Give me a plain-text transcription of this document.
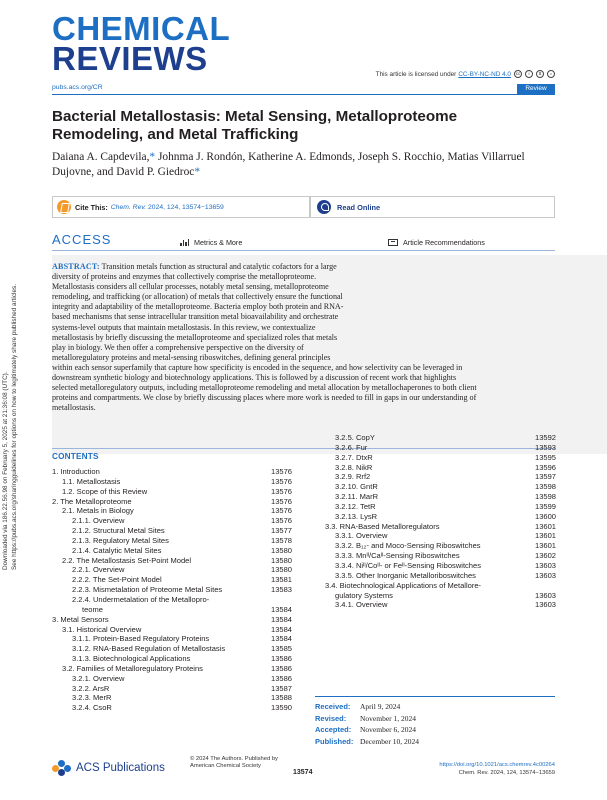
Downloaded via 186.22.56.98 on February 5, 2025 at 21:36:08 (UTC). See https://pubs.acs.org/sharingguidelines for options on how to legitimately share published articles.
CHEMICAL
REVIEWS	This article is licensed under CC-BY-NC-ND 4.0	cc	i	$	=
pubs.acs.org/CR	Review
Bacterial Metallostasis: Metal Sensing, Metalloproteome Remodeling, and Metal Trafficking
Daiana A. Capdevila,* Johnma J. Rondón, Katherine A. Edmonds, Joseph S. Rocchio, Matias Villarruel Dujovne, and David P. Giedroc*
Cite This: Chem. Rev. 2024, 124, 13574−13659	Read Online
ACCESS	Metrics & More	Article Recommendations
ABSTRACT: Transition metals function as structural and catalytic cofactors for a large
diversity of proteins and enzymes that collectively comprise the metalloproteome.
Metallostasis considers all cellular processes, notably metal sensing, metalloproteome
remodeling, and trafficking (or allocation) of metals that collectively ensure the functional
integrity and adaptability of the metalloproteome. Bacteria employ both protein and RNA-
based mechanisms that sense intracellular transition metal bioavailability and orchestrate
systems-level outputs that maintain metallostasis. In this review, we contextualize
metallostasis by briefly discussing the metalloproteome and specialized roles that metals
play in biology. We then offer a comprehensive perspective on the diversity of
metalloregulatory proteins and metal-sensing riboswitches, defining general principles
within each sensor superfamily that capture how specificity is encoded in the sequence, and how selectivity can be leveraged in
downstream synthetic biology and biotechnology applications. This is followed by a discussion of recent work that highlights
selected metalloregulatory outputs, including metalloproteome remodeling and metal allocation by metallochaperones to both client
proteins and compartments. We close by briefly discussing places where more work is needed to fill in gaps in our understanding of
metallostasis.
CONTENTS
1. Introduction	13576
1.1. Metallostasis	13576
1.2. Scope of this Review	13576
2. The Metalloproteome	13576
2.1. Metals in Biology	13576
2.1.1. Overview	13576
2.1.2. Structural Metal Sites	13577
2.1.3. Regulatory Metal Sites	13578
2.1.4. Catalytic Metal Sites	13580
2.2. The Metallostasis Set-Point Model	13580
2.2.1. Overview	13580
2.2.2. The Set-Point Model	13581
2.2.3. Mismetalation of Proteome Metal Sites	13583
2.2.4. Undermetalation of the Metallopro-
teome	13584
3. Metal Sensors	13584
3.1. Historical Overview	13584
3.1.1. Protein-Based Regulatory Proteins	13584
3.1.2. RNA-Based Regulation of Metallostasis	13585
3.1.3. Biotechnological Applications	13586
3.2. Families of Metalloregulatory Proteins	13586
3.2.1. Overview	13586
3.2.2. ArsR	13587
3.2.3. MerR	13588
3.2.4. CsoR	13590
3.2.5. CopY	13592
3.2.6. Fur	13593
3.2.7. DtxR	13595
3.2.8. NikR	13596
3.2.9. Rrf2	13597
3.2.10. GntR	13598
3.2.11. MarR	13598
3.2.12. TetR	13599
3.2.13. LysR	13600
3.3. RNA-Based Metalloregulators	13601
3.3.1. Overview	13601
3.3.2. B₁₂- and Moco-Sensing Riboswitches	13601
3.3.3. Mnᴵᴵ/Caᴵᴵ-Sensing Riboswitches	13602
3.3.4. Niᴵᴵ/Coᴵᴵ- or Feᴵᴵ-Sensing Riboswitches	13603
3.3.5. Other Inorganic Metalloriboswitches	13603
3.4. Biotechnological Applications of Metallore-
gulatory Systems	13603
3.4.1. Overview	13603
Received: April 9, 2024
Revised: November 1, 2024
Accepted: November 6, 2024
Published: December 10, 2024
ACS Publications
© 2024 The Authors. Published by
American Chemical Society
13574
https://doi.org/10.1021/acs.chemrev.4c00264
Chem. Rev. 2024, 124, 13574−13659
